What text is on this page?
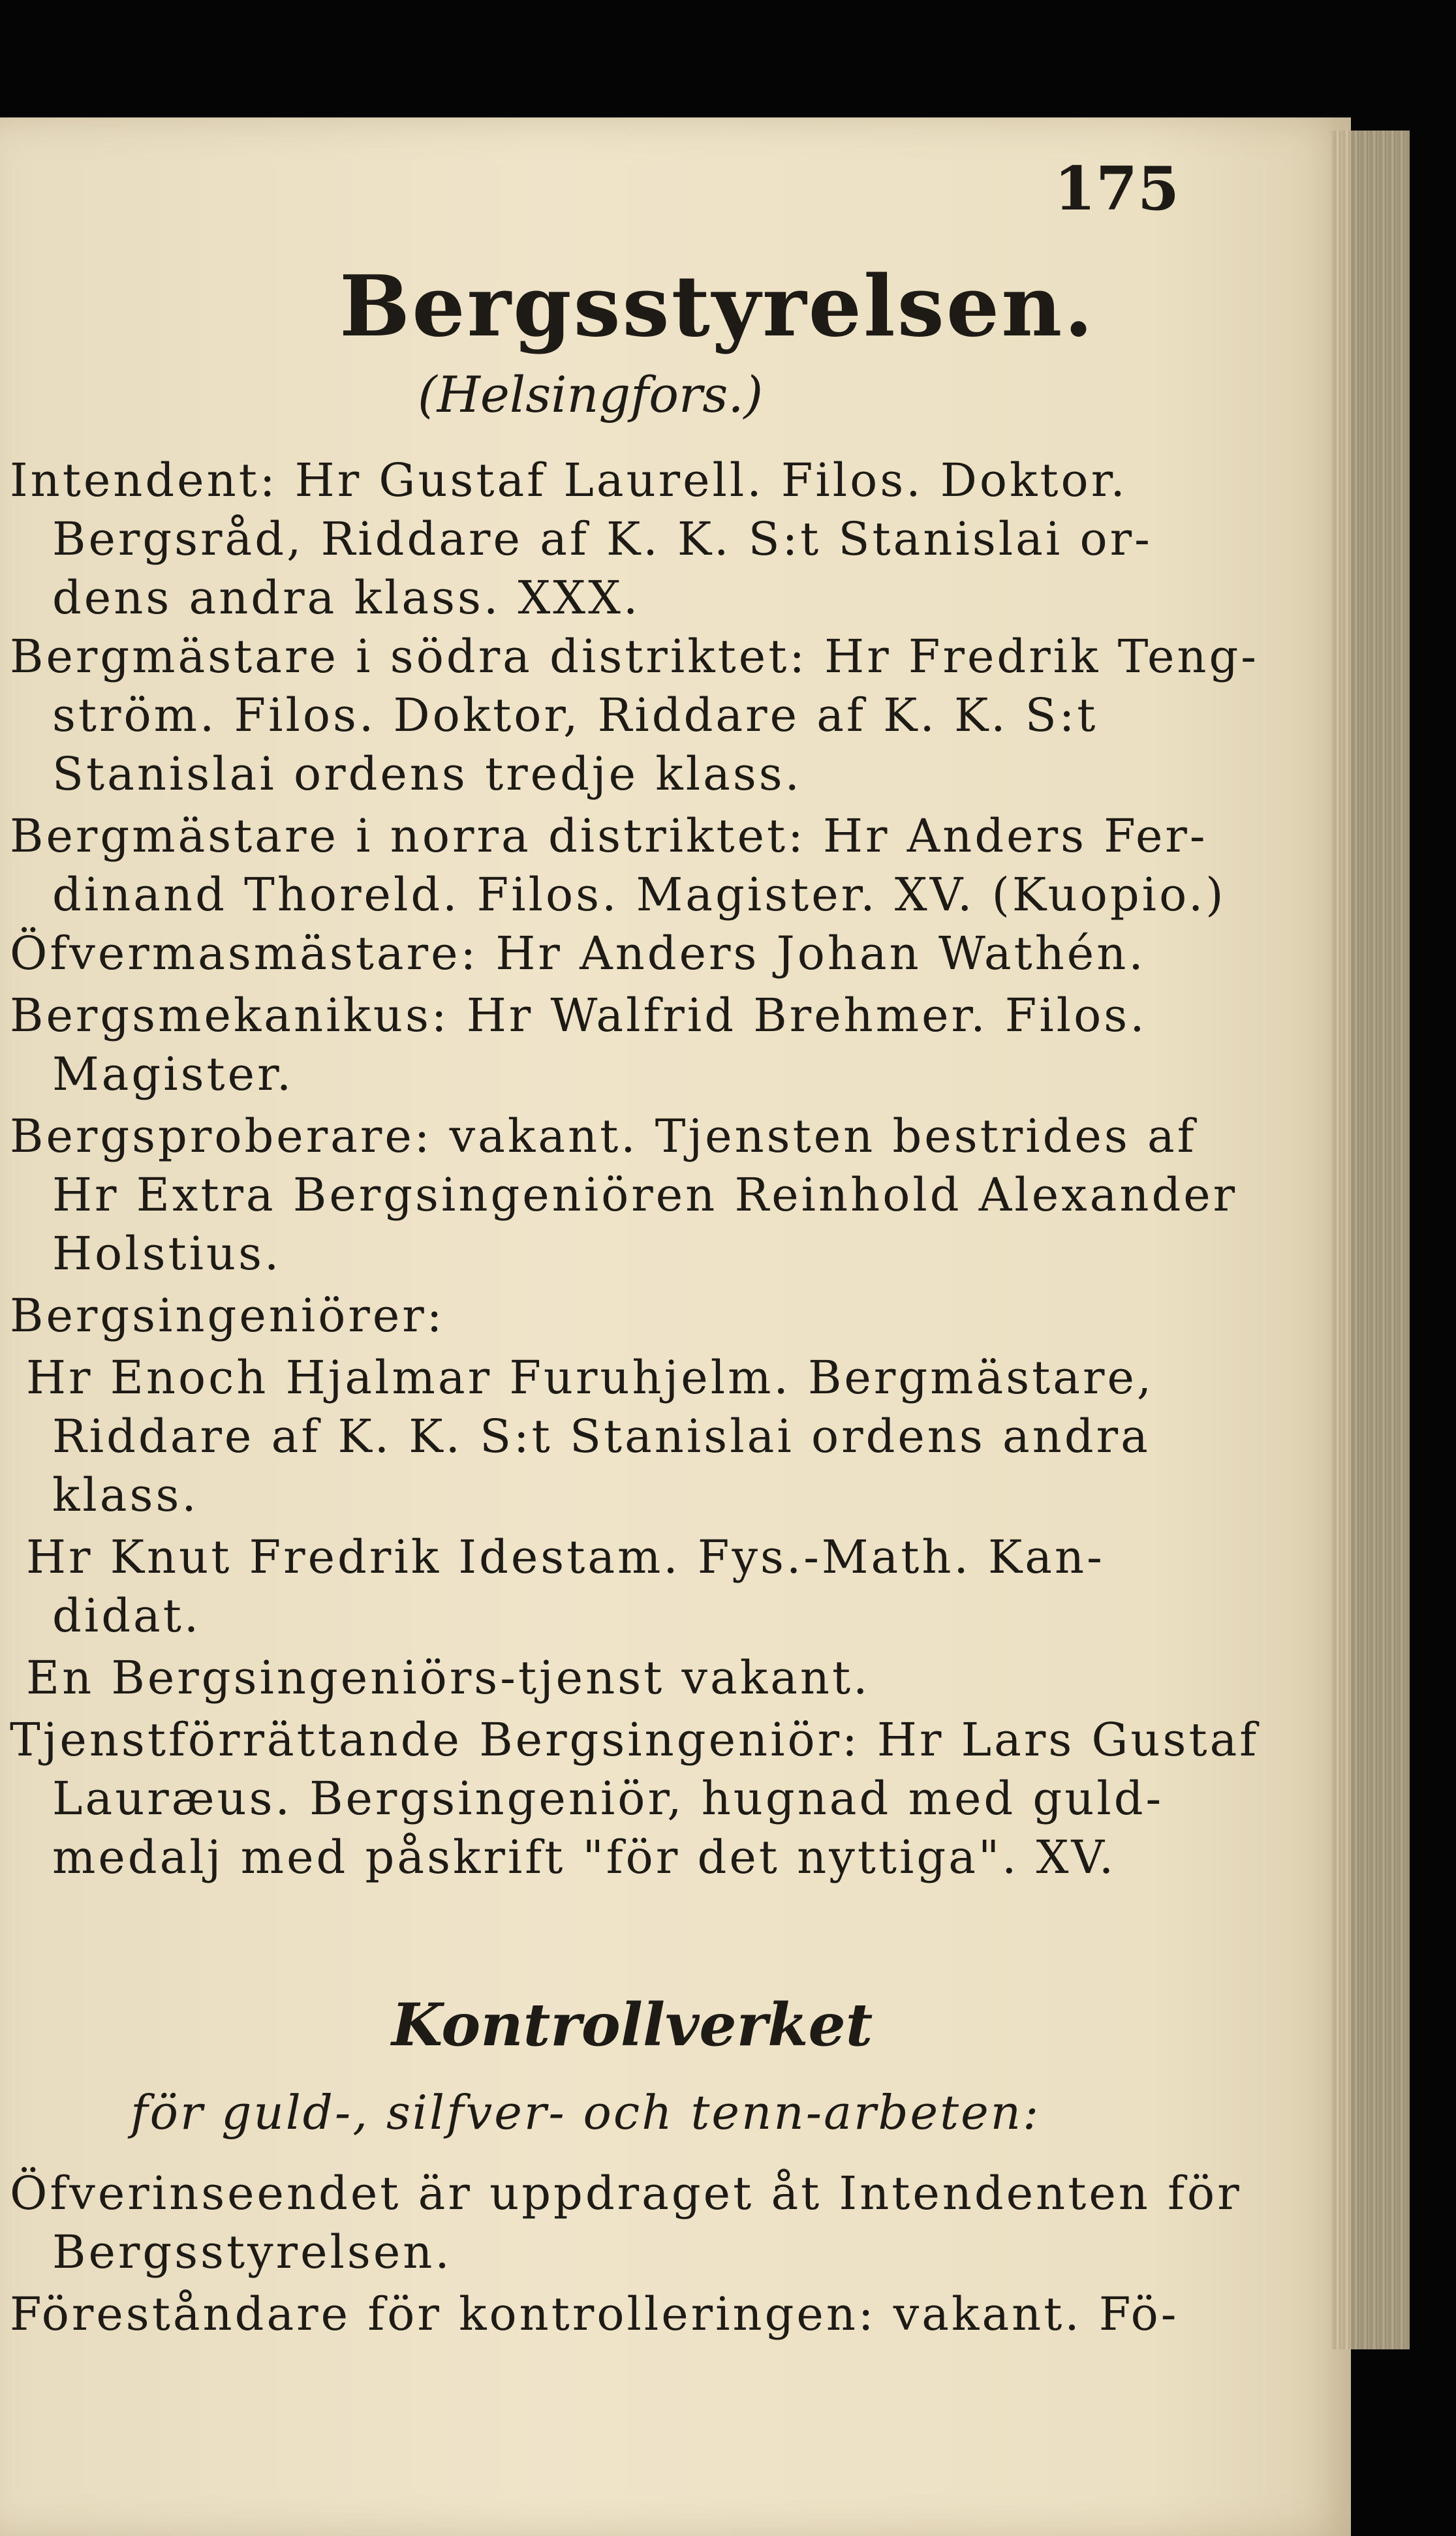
175
Bergsstyrelsen.
(Helsingfors.)
Intendent: Hr Gustaf Laurell. Filos. Doktor.
Bergsråd, Riddare af K. K. S:t Stanislai or-
dens andra klass. XXX.
Bergmästare i södra distriktet: Hr Fredrik Teng-
ström. Filos. Doktor, Riddare af K. K. S:t
Stanislai ordens tredje klass.
Bergmästare i norra distriktet: Hr Anders Fer-
dinand Thoreld. Filos. Magister. XV. (Kuopio.)
Öfvermasmästare: Hr Anders Johan Wathén.
Bergsmekanikus: Hr Walfrid Brehmer. Filos.
Magister.
Bergsproberare: vakant. Tjensten bestrides af
Hr Extra Bergsingeniören Reinhold Alexander
Holstius.
Bergsingeniörer:
Hr Enoch Hjalmar Furuhjelm. Bergmästare,
Riddare af K. K. S:t Stanislai ordens andra
klass.
Hr Knut Fredrik Idestam. Fys.-Math. Kan-
didat.
En Bergsingeniörs-tjenst vakant.
Tjenstförrättande Bergsingeniör: Hr Lars Gustaf
Lauræus. Bergsingeniör, hugnad med guld-
medalj med påskrift "för det nyttiga". XV.
Kontrollverket
för guld-, silfver- och tenn-arbeten:
Öfverinseendet är uppdraget åt Intendenten för
Bergsstyrelsen.
Föreståndare för kontrolleringen: vakant. Fö-
